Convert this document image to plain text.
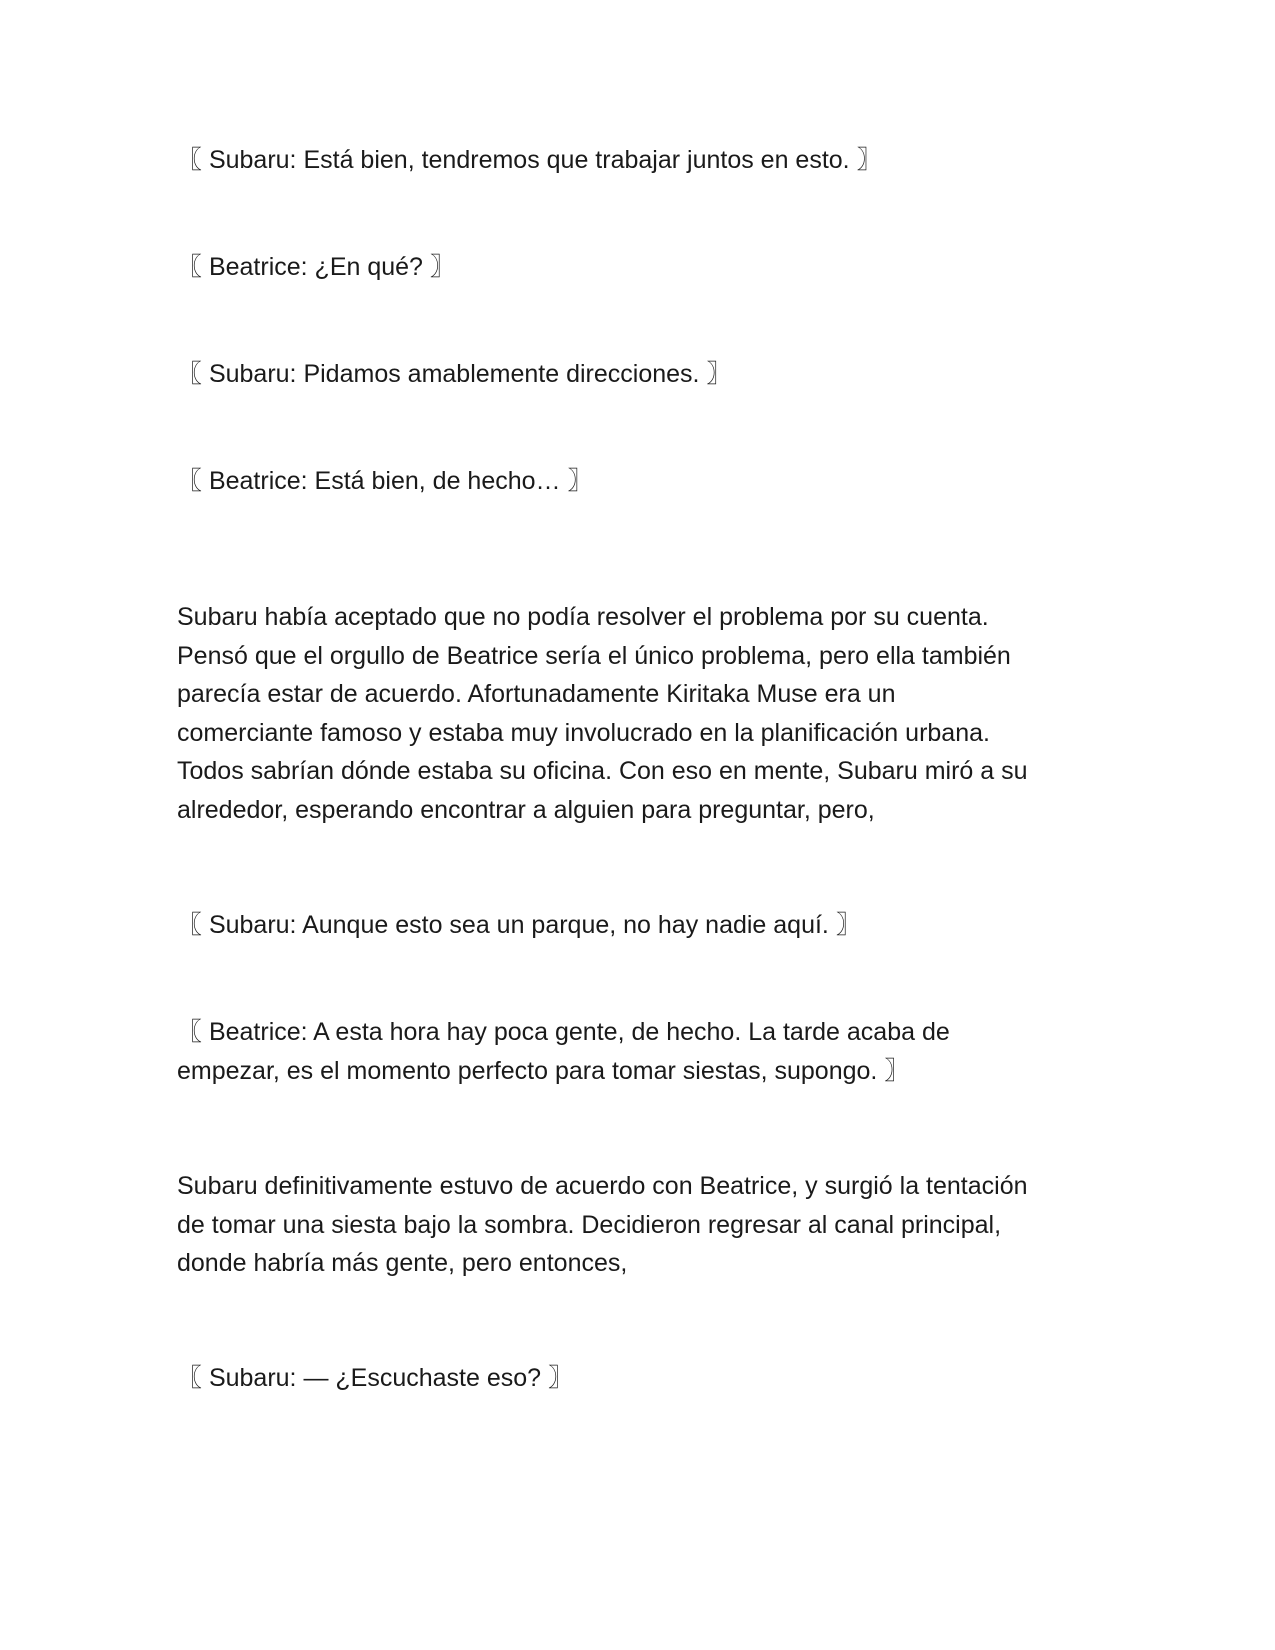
〖 Subaru: Está bien, tendremos que trabajar juntos en esto. 〗

〖 Beatrice: ¿En qué? 〗

〖 Subaru: Pidamos amablemente direcciones. 〗

〖 Beatrice: Está bien, de hecho… 〗

Subaru había aceptado que no podía resolver el problema por su cuenta.
Pensó que el orgullo de Beatrice sería el único problema, pero ella también
parecía estar de acuerdo. Afortunadamente Kiritaka Muse era un
comerciante famoso y estaba muy involucrado en la planificación urbana.
Todos sabrían dónde estaba su oficina. Con eso en mente, Subaru miró a su
alrededor, esperando encontrar a alguien para preguntar, pero,

〖 Subaru: Aunque esto sea un parque, no hay nadie aquí. 〗

〖 Beatrice: A esta hora hay poca gente, de hecho. La tarde acaba de
empezar, es el momento perfecto para tomar siestas, supongo. 〗

Subaru definitivamente estuvo de acuerdo con Beatrice, y surgió la tentación
de tomar una siesta bajo la sombra. Decidieron regresar al canal principal,
donde habría más gente, pero entonces,

〖 Subaru: — ¿Escuchaste eso? 〗
